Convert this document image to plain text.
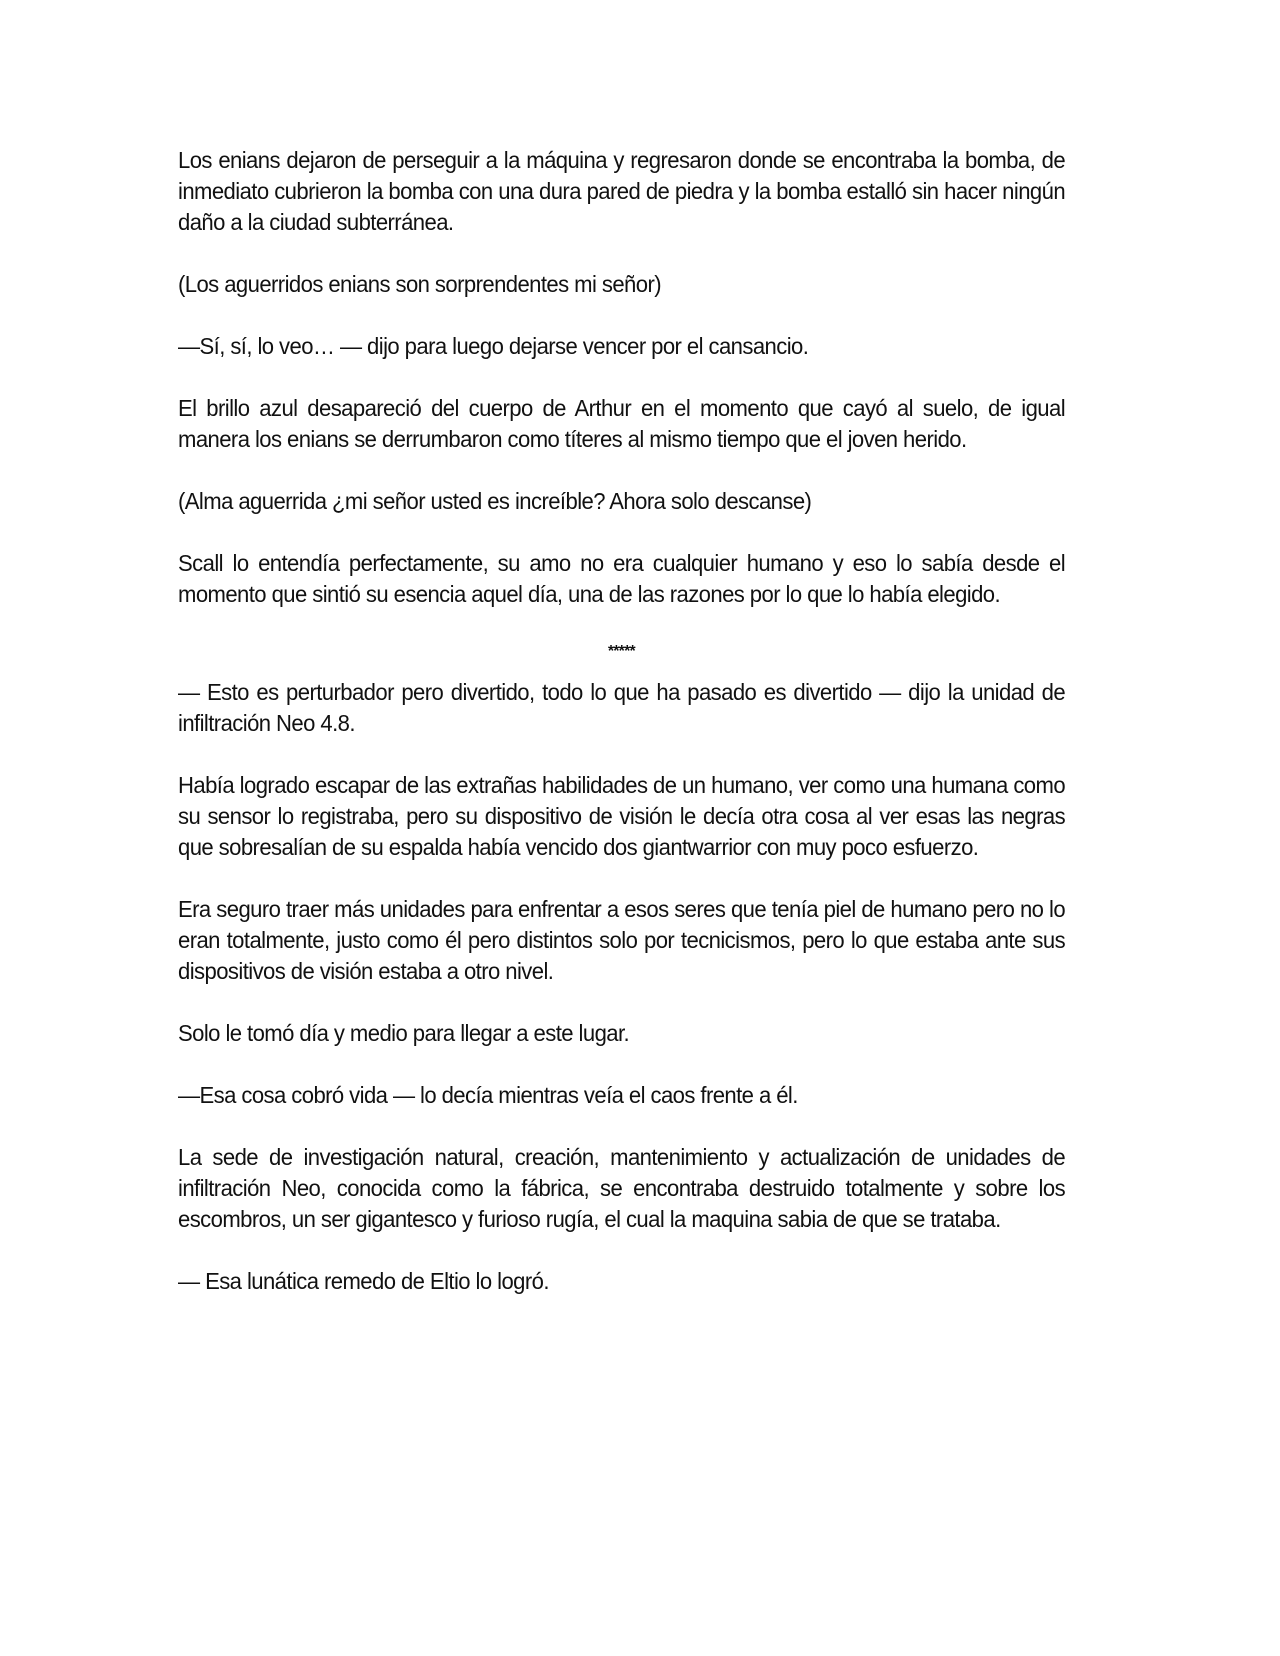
Los enians dejaron de perseguir a la máquina y regresaron donde se encontraba la bomba, de inmediato cubrieron la bomba con una dura pared de piedra y la bomba estalló sin hacer ningún daño a la ciudad subterránea.

(Los aguerridos enians son sorprendentes mi señor)

—Sí, sí, lo veo… — dijo para luego dejarse vencer por el cansancio.

El brillo azul desapareció del cuerpo de Arthur en el momento que cayó al suelo, de igual manera los enians se derrumbaron como títeres al mismo tiempo que el joven herido.

(Alma aguerrida ¿mi señor usted es increíble? Ahora solo descanse)

Scall lo entendía perfectamente, su amo no era cualquier humano y eso lo sabía desde el momento que sintió su esencia aquel día, una de las razones por lo que lo había elegido.

*****

— Esto es perturbador pero divertido, todo lo que ha pasado es divertido — dijo la unidad de infiltración Neo 4.8.

Había logrado escapar de las extrañas habilidades de un humano, ver como una humana como su sensor lo registraba, pero su dispositivo de visión le decía otra cosa al ver esas las negras que sobresalían de su espalda había vencido dos giantwarrior con muy poco esfuerzo.

Era seguro traer más unidades para enfrentar a esos seres que tenía piel de humano pero no lo eran totalmente, justo como él pero distintos solo por tecnicismos, pero lo que estaba ante sus dispositivos de visión estaba a otro nivel.

Solo le tomó día y medio para llegar a este lugar.

—Esa cosa cobró vida — lo decía mientras veía el caos frente a él.

La sede de investigación natural, creación, mantenimiento y actualización de unidades de infiltración Neo, conocida como la fábrica, se encontraba destruido totalmente y sobre los escombros, un ser gigantesco y furioso rugía, el cual la maquina sabia de que se trataba.

— Esa lunática remedo de Eltio lo logró.
